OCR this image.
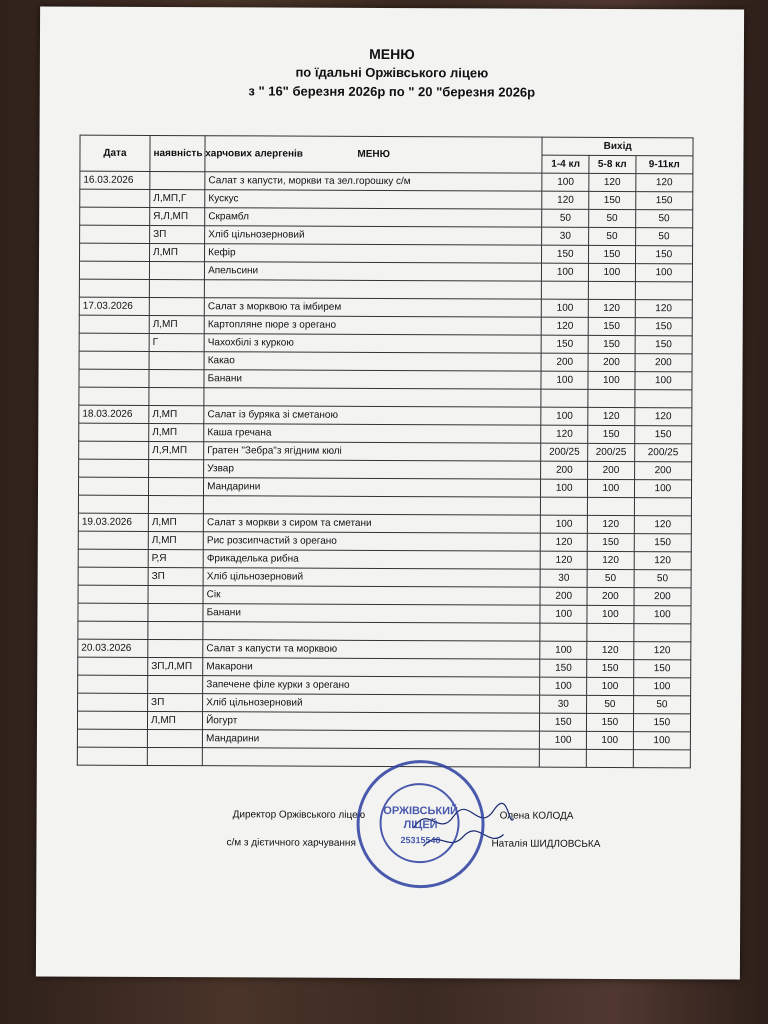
МЕНЮ
по їдальні Оржівського ліцею
з " 16" березня 2026р по " 20 "березня 2026р
Дата	наявність харчових алергенів	МЕНЮ	Вихід		
			1-4 кл	5-8 кл	9-11кл
16.03.2026		Салат з капусти, моркви та зел.горошку с/м	100	120	120
	Л,МП,Г	Кускус	120	150	150
	Я,Л,МП	Скрамбл	50	50	50
	ЗП	Хліб цільнозерновий	30	50	50
	Л,МП	Кефір	150	150	150
		Апельсини	100	100	100

17.03.2026		Салат з морквою та імбирем	100	120	120
	Л,МП	Картопляне пюре з орегано	120	150	150
	Г	Чахохбілі з куркою	150	150	150
		Какао	200	200	200
		Банани	100	100	100

18.03.2026	Л,МП	Салат із буряка зі сметаною	100	120	120
	Л,МП	Каша гречана	120	150	150
	Л,Я,МП	Гратен "Зебра"з ягідним кюлі	200/25	200/25	200/25
		Узвар	200	200	200
		Мандарини	100	100	100

19.03.2026	Л,МП	Салат з моркви з сиром та сметани	100	120	120
	Л,МП	Рис розсипчастий з орегано	120	150	150
	Р,Я	Фрикаделька рибна	120	120	120
	ЗП	Хліб цільнозерновий	30	50	50
		Сік	200	200	200
		Банани	100	100	100

20.03.2026		Салат з капусти та морквою	100	120	120
	ЗП,Л,МП	Макарони	150	150	150
		Запечене філе курки з орегано	100	100	100
	ЗП	Хліб цільнозерновий	30	50	50
	Л,МП	Йогурт	150	150	150
		Мандарини	100	100	100

Директор Оржівського ліцею	Олена КОЛОДА
с/м з дієтичного харчування	Наталія ШИДЛОВСЬКА
ОРЖІВСЬКИЙ
ЛІЦЕЙ
25315540
